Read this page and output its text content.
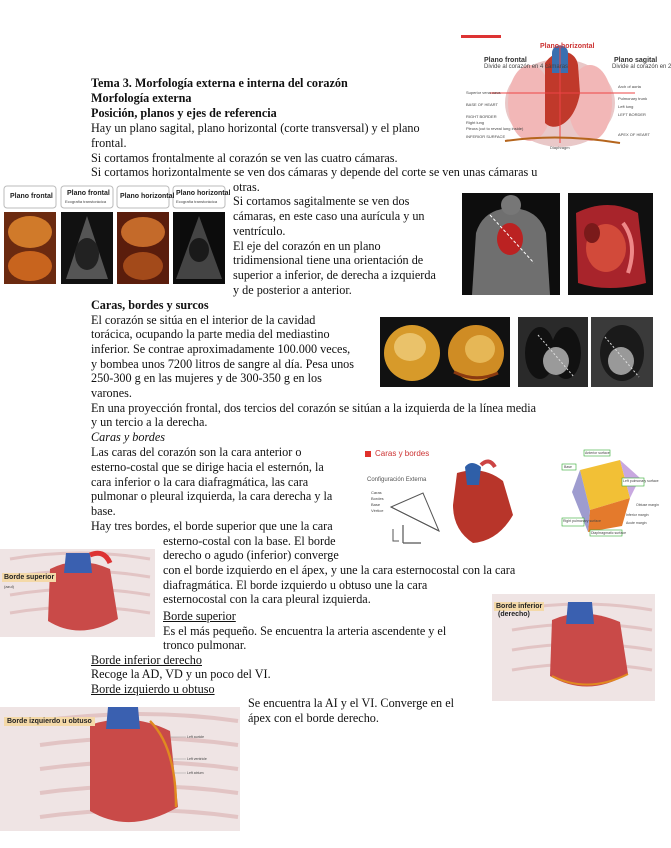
Tema 3. Morfología externa e interna del corazón
Morfología externa
Posición, planos y ejes de referencia
Hay un plano sagital, plano horizontal (corte transversal) y el plano
frontal.
Si cortamos frontalmente al corazón se ven las cuatro cámaras.
Si cortamos horizontalmente se ven dos cámaras y depende del corte se ven unas cámaras u
otras.
Si cortamos sagitalmente se ven dos
cámaras, en este caso una aurícula y un
ventrículo.
El eje del corazón en un plano
tridimensional tiene una orientación de
superior a inferior, de derecha a izquierda
y de posterior a anterior.
Caras, bordes y surcos
El corazón se sitúa en el interior de la cavidad
torácica, ocupando la parte media del mediastino
inferior. Se contrae aproximadamente 100.000 veces,
y bombea unos 7200 litros de sangre al día. Pesa unos
250-300 g en las mujeres y de 300-350 g en los
varones.
En una proyección frontal, dos tercios del corazón se sitúan a la izquierda de la línea media
y un tercio a la derecha.
Caras y bordes
Las caras del corazón son la cara anterior o
esterno-costal que se dirige hacia el esternón, la
cara inferior o la cara diafragmática, las cara
pulmonar o pleural izquierda, la cara derecha y la
base.
Hay tres bordes, el borde superior que une la cara
esterno-costal con la base. El borde
derecho o agudo (inferior) converge
con el borde izquierdo en el ápex, y une la cara esternocostal con la cara
diafragmática. El borde izquierdo u obtuso une la cara
esternocostal con la cara pleural izquierda.
Borde superior
Es el más pequeño. Se encuentra la arteria ascendente y el
tronco pulmonar.
Borde inferior derecho
Recoge la AD, VD y un poco del VI.
Borde izquierdo u obtuso
Se encuentra la AI y el VI. Converge en el
ápex con el borde derecho.
Plano frontal
Divide al corazón en 4 cámaras
Plano horizontal
Plano sagital
Divide al corazón en 2
Superior vena cava
BASE OF HEART
RIGHT BORDER
Right lung
Pleura (cut to reveal lung inside)
INFERIOR SURFACE
Diaphragm
Arch of aorta
Pulmonary trunk
Left lung
LEFT BORDER
APEX OF HEART
Plano frontal Plano frontal
Ecografía transtorácica
Plano horizontal Plano horizontal
Ecografía transtorácica
Caras y bordes
Configuración Externa
Caras
Bordes
Base
Vértice
Anterior surface
Base
Left pulmonary surface
Right pulmonary surface
Diaphragmatic surface
Obtuse margin
Inferior margin
Acute margin
Borde superior
(azul)
Borde inferior
(derecho)
Borde izquierdo u obtuso
Left auricle
Left ventricle
Left atrium
